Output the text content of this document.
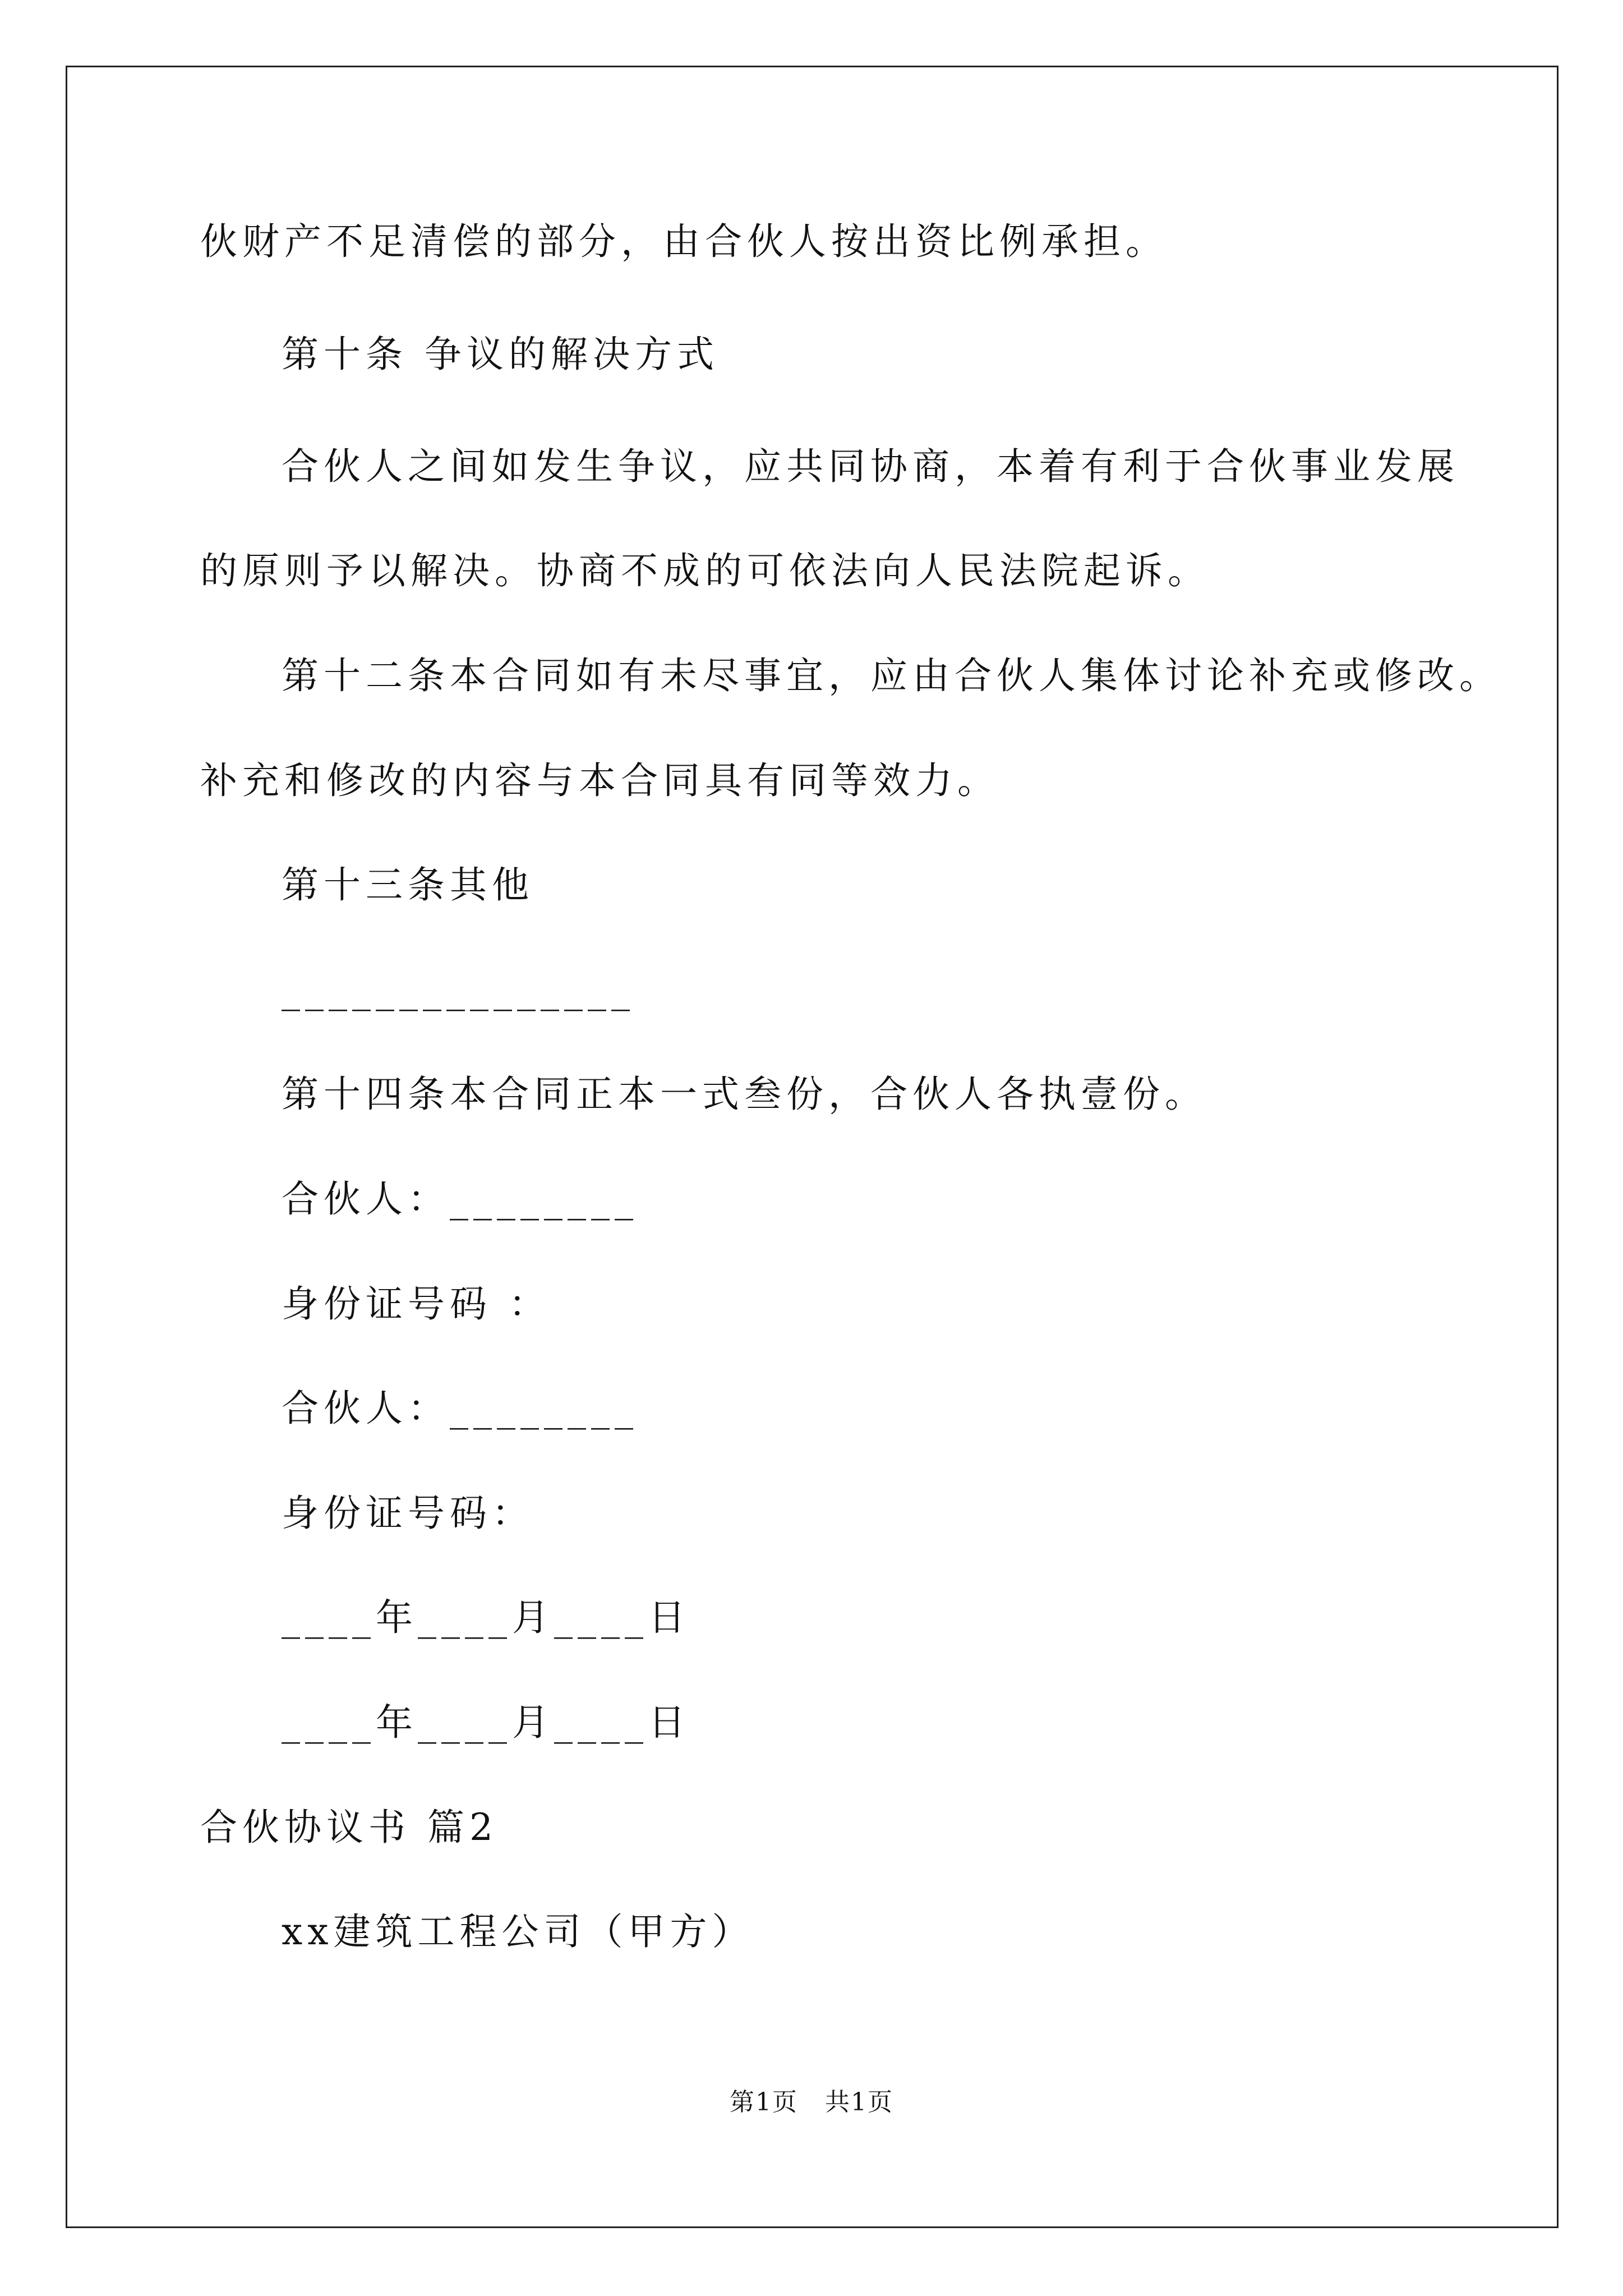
伙财产不足清偿的部分，由合伙人按出资比例承担。
第十条 争议的解决方式
合伙人之间如发生争议，应共同协商，本着有利于合伙事业发展
的原则予以解决。协商不成的可依法向人民法院起诉。
第十二条本合同如有未尽事宜，应由合伙人集体讨论补充或修改。
补充和修改的内容与本合同具有同等效力。
第十三条其他
_______________
第十四条本合同正本一式叁份，合伙人各执壹份。
合伙人：________
身份证号码 ：
合伙人：________
身份证号码：
____年____月____日
____年____月____日
合伙协议书 篇2
xx建筑工程公司（甲方）
第1页 共1页
